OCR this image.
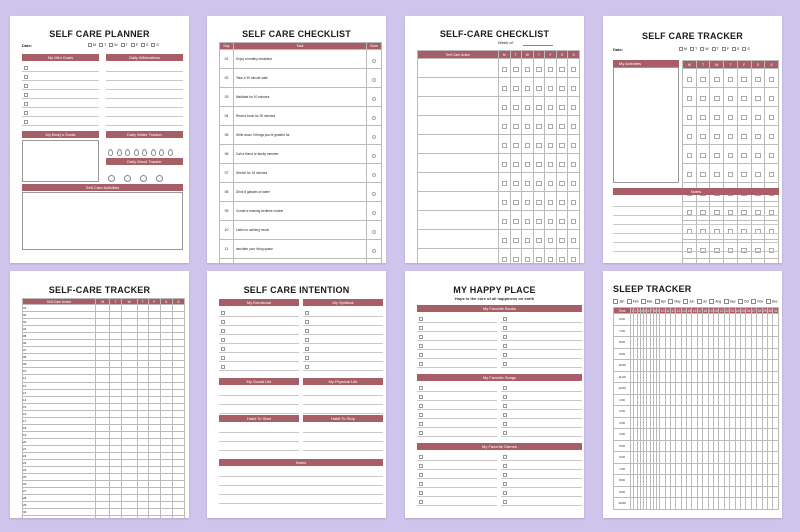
SELF CARE PLANNER
Date:	M T W T F S S
My Mini Goals	Daily Affirmations
My Body's Goals	Daily Water Tracker
Daily Mood Tracker
Self-Care Activities
SELF CARE CHECKLIST
Day	Task	Done
01	Enjoy a healthy breakfast	
02	Take a 30-minute walk	
03	Meditate for 10 minutes	
04	Read a book for 30 minutes	
05	Write down 3 things you're grateful for	
06	Call a friend or family member	
07	Stretch for 15 minutes	
08	Drink 8 glasses of water	
09	Create a relaxing bedtime routine	
10	Listen to calming music	
11	declutter your living space	

SELF-CARE CHECKLIST
Week of:
Self Care Action	M	T	W	T	F	S	S

SELF CARE TRACKER
Date:	M T W T F S S
My Activities	M	T	W	T	F	S	S

Notes
SELF-CARE TRACKER
Self-Care Action	M	T	W	T	F	S	S
01							
02							
03							
04							
05							
06							
07							
08							
09							
10							
11							
12							
13							
14							
15							
16							
17							
18							
19							
20							
21							
22							
23							
24							
25							
26							
27							
28							
29							
30							

SELF CARE INTENTION
My Emotional	My Spiritual
My Social Life	My Physical Life
Habit To Start	Habit To Stop
Notes
MY HAPPY PLACE
Hope is the core of all happiness on earth
My Favorite Books
My Favorite Songs
My Favorite Games
SLEEP TRACKER
Jan	Feb	Mar	Apr	May	Jun	Jul	Aug	Sep	Oct	Nov	Dec
Time	1	2	3	4	5	6	7	8	9	10	11	12	13	14	15	16	17	18	19	20	21	22	23	24	25	26	27	28	29	30	31
6:00																															
7:00																															
8:00																															
9:00																															
10:00																															
11:00																															
12:00																															
1:00																															
2:00																															
3:00																															
4:00																															
5:00																															
6:00																															
7:00																															
8:00																															
9:00																															
10:00																															
